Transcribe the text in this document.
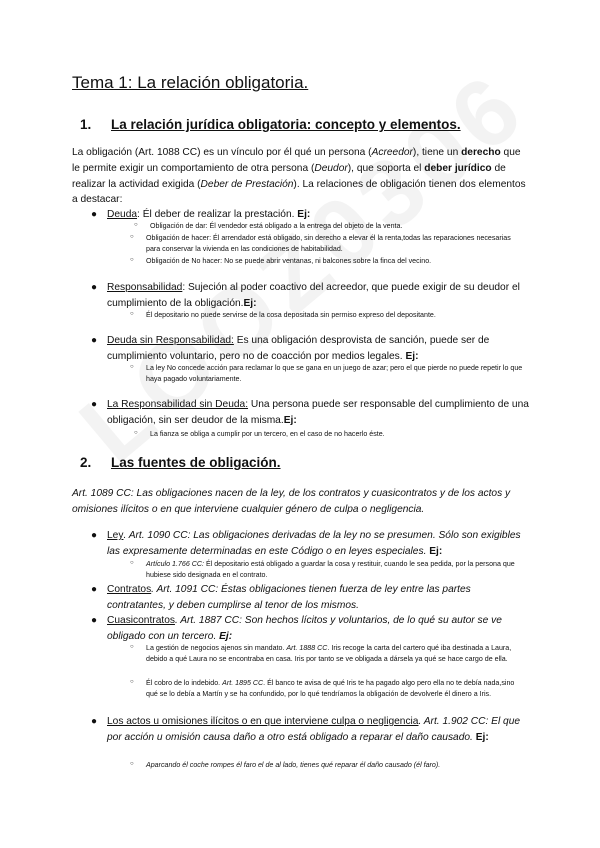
Tema 1: La relación obligatoria.
1. La relación jurídica obligatoria: concepto y elementos.
La obligación (Art. 1088 CC) es un vínculo por él qué un persona (Acreedor), tiene un derecho que le permite exigir un comportamiento de otra persona (Deudor), que soporta el deber jurídico de realizar la actividad exigida (Deber de Prestación). La relaciones de obligación tienen dos elementos a destacar:
● Deuda: Él deber de realizar la prestación. Ej:
○ Obligación de dar: Él vendedor está obligado a la entrega del objeto de la venta.
○ Obligación de hacer: Él arrendador está obligado, sin derecho a elevar él la renta,todas las reparaciones necesarias para conservar la vivienda en las condiciones de habitabilidad.
○ Obligación de No hacer: No se puede abrir ventanas, ni balcones sobre la finca del vecino.
● Responsabilidad: Sujeción al poder coactivo del acreedor, que puede exigir de su deudor el cumplimiento de la obligación.Ej:
○ Él depositario no puede servirse de la cosa depositada sin permiso expreso del depositante.
● Deuda sin Responsabilidad: Es una obligación desprovista de sanción, puede ser de cumplimiento voluntario, pero no de coacción por medios legales. Ej:
○ La ley No concede acción para reclamar lo que se gana en un juego de azar; pero el que pierde no puede repetir lo que haya pagado voluntariamente.
● La Responsabilidad sin Deuda: Una persona puede ser responsable del cumplimiento de una obligación, sin ser deudor de la misma.Ej:
○ La fianza se obliga a cumplir por un tercero, en el caso de no hacerlo éste.
2. Las fuentes de obligación.
Art. 1089 CC: Las obligaciones nacen de la ley, de los contratos y cuasicontratos y de los actos y omisiones ilícitos o en que interviene cualquier género de culpa o negligencia.
● Ley. Art. 1090 CC: Las obligaciones derivadas de la ley no se presumen. Sólo son exigibles las expresamente determinadas en este Código o en leyes especiales. Ej:
○ Artículo 1.766 CC: Él depositario está obligado a guardar la cosa y restituir, cuando le sea pedida, por la persona que hubiese sido designada en el contrato.
● Contratos. Art. 1091 CC: Éstas obligaciones tienen fuerza de ley entre las partes contratantes, y deben cumplirse al tenor de los mismos.
● Cuasicontratos. Art. 1887 CC: Son hechos lícitos y voluntarios, de lo qué su autor se ve obligado con un tercero. Ej:
○ La gestión de negocios ajenos sin mandato. Art. 1888 CC. Iris recoge la carta del cartero qué iba destinada a Laura, debido a qué Laura no se encontraba en casa. Iris por tanto se ve obligada a dársela ya qué se hace cargo de ella.
○ Él cobro de lo indebido. Art. 1895 CC. Él banco te avisa de qué Iris te ha pagado algo pero ella no te debía nada,sino qué se lo debía a Martín y se ha confundido, por lo qué tendríamos la obligación de devolverle él dinero a Iris.
● Los actos u omisiones ilícitos o en que interviene culpa o negligencia. Art. 1.902 CC: El que por acción u omisión causa daño a otro está obligado a reparar el daño causado. Ej:
○ Aparcando él coche rompes él faro el de al lado, tienes qué reparar él daño causado (él faro).
